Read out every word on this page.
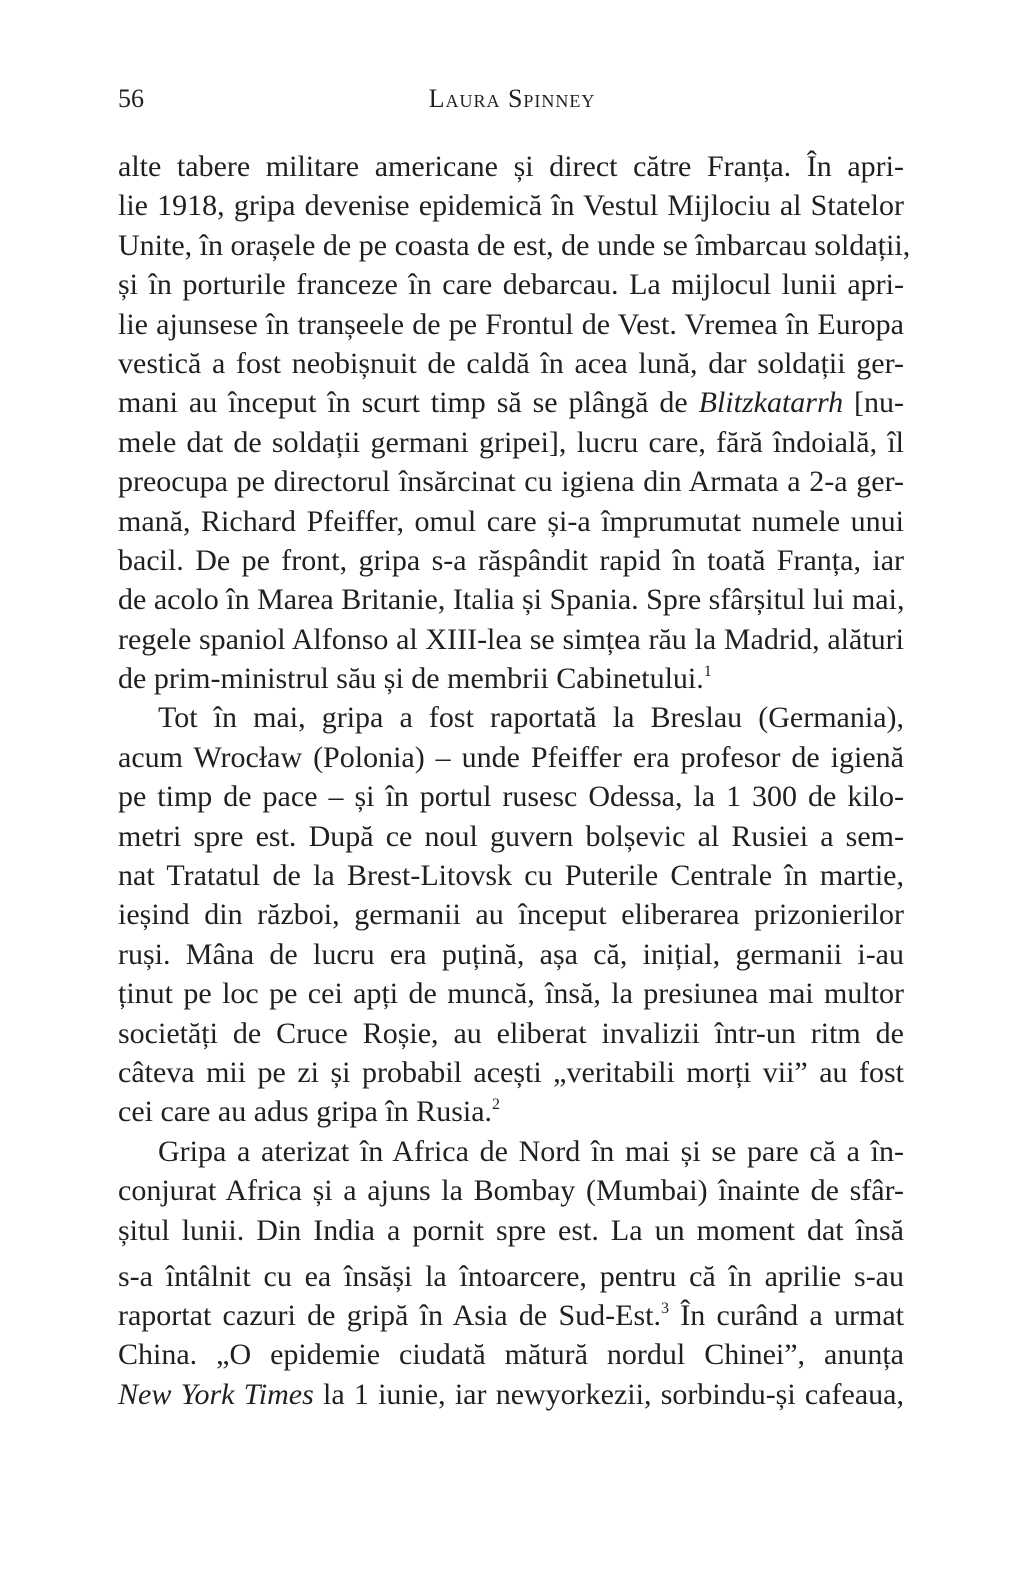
56	Laura Spinney
alte tabere militare americane și direct către Franța. În apri-
lie 1918, gripa devenise epidemică în Vestul Mijlociu al Statelor
Unite, în orașele de pe coasta de est, de unde se îmbarcau soldații,
și în porturile franceze în care debarcau. La mijlocul lunii apri-
lie ajunsese în tranșeele de pe Frontul de Vest. Vremea în Europa
vestică a fost neobișnuit de caldă în acea lună, dar soldații ger-
mani au început în scurt timp să se plângă de Blitzkatarrh [nu-
mele dat de soldații germani gripei], lucru care, fără îndoială, îl
preocupa pe directorul însărcinat cu igiena din Armata a 2-a ger-
mană, Richard Pfeiffer, omul care și-a împrumutat numele unui
bacil. De pe front, gripa s-a răspândit rapid în toată Franța, iar
de acolo în Marea Britanie, Italia și Spania. Spre sfârșitul lui mai,
regele spaniol Alfonso al XIII-lea se simțea rău la Madrid, alături
de prim-ministrul său și de membrii Cabinetului.$^1$
Tot în mai, gripa a fost raportată la Breslau (Germania),
acum Wrocław (Polonia) – unde Pfeiffer era profesor de igienă
pe timp de pace – și în portul rusesc Odessa, la 1 300 de kilo-
metri spre est. După ce noul guvern bolșevic al Rusiei a sem-
nat Tratatul de la Brest-Litovsk cu Puterile Centrale în martie,
ieșind din război, germanii au început eliberarea prizonierilor
ruși. Mâna de lucru era puțină, așa că, inițial, germanii i-au
ținut pe loc pe cei apți de muncă, însă, la presiunea mai multor
societăți de Cruce Roșie, au eliberat invalizii într-un ritm de
câteva mii pe zi și probabil acești „veritabili morți vii” au fost
cei care au adus gripa în Rusia.$^2$
Gripa a aterizat în Africa de Nord în mai și se pare că a în-
conjurat Africa și a ajuns la Bombay (Mumbai) înainte de sfâr-
șitul lunii. Din India a pornit spre est. La un moment dat însă
s-a întâlnit cu ea însăși la întoarcere, pentru că în aprilie s-au
raportat cazuri de gripă în Asia de Sud-Est.$^3$ În curând a urmat
China. „O epidemie ciudată mătură nordul Chinei”, anunța
New York Times la 1 iunie, iar newyorkezii, sorbindu-și cafeaua,
